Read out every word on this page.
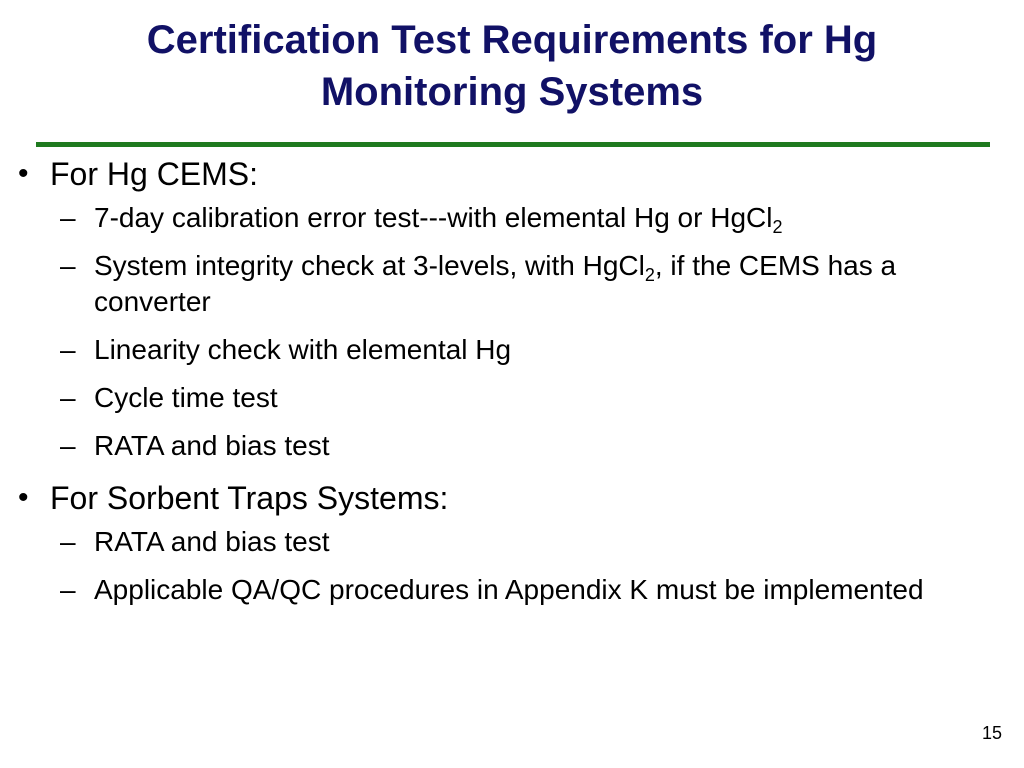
Certification Test Requirements for Hg
Monitoring Systems
• For Hg CEMS:
– 7-day calibration error test---with elemental Hg or HgCl$_2$
– System integrity check at 3-levels, with HgCl$_2$, if the CEMS has a converter
– Linearity check with elemental Hg
– Cycle time test
– RATA and bias test
• For Sorbent Traps Systems:
– RATA and bias test
– Applicable QA/QC procedures in Appendix K must be implemented
15
